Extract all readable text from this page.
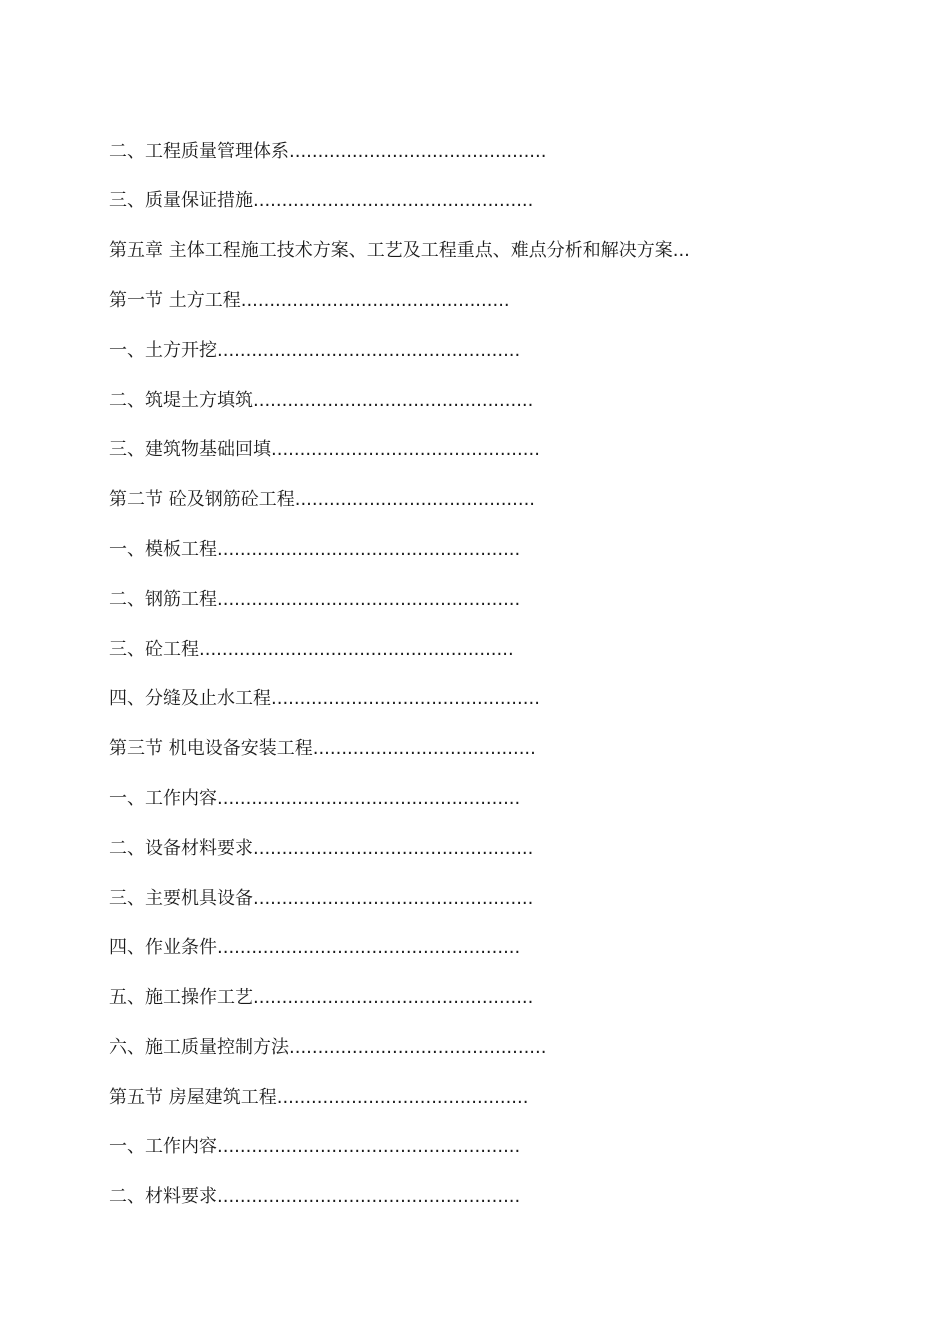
二、工程质量管理体系.............................................
三、质量保证措施.................................................
第五章 主体工程施工技术方案、工艺及工程重点、难点分析和解决方案...
第一节 土方工程...............................................
一、土方开挖.....................................................
二、筑堤土方填筑.................................................
三、建筑物基础回填...............................................
第二节 砼及钢筋砼工程..........................................
一、模板工程.....................................................
二、钢筋工程.....................................................
三、砼工程.......................................................
四、分缝及止水工程...............................................
第三节 机电设备安装工程.......................................
一、工作内容.....................................................
二、设备材料要求.................................................
三、主要机具设备.................................................
四、作业条件.....................................................
五、施工操作工艺.................................................
六、施工质量控制方法.............................................
第五节 房屋建筑工程............................................
一、工作内容.....................................................
二、材料要求.....................................................
